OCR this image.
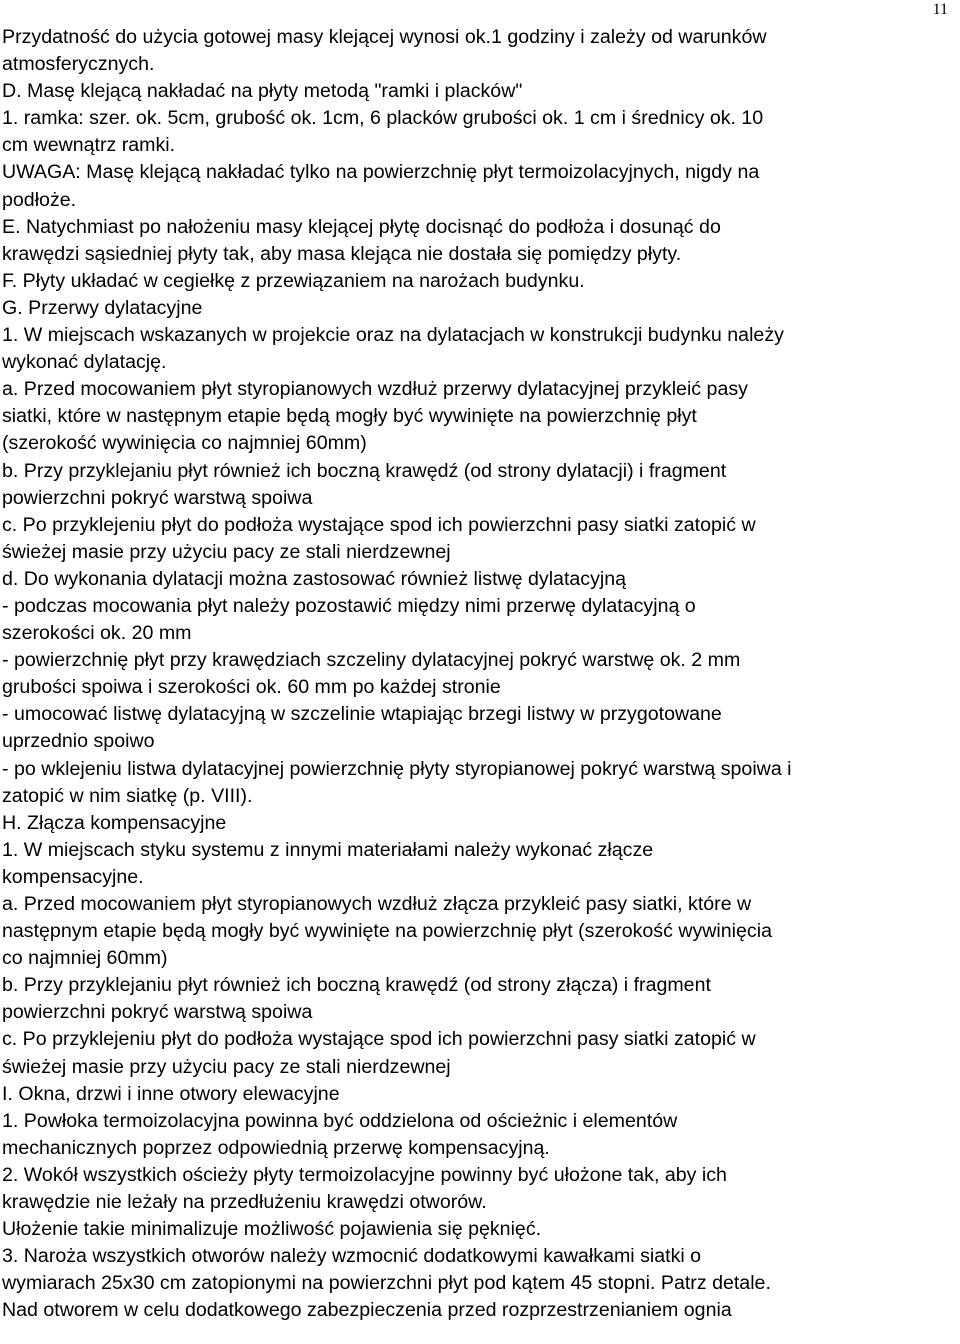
11
Przydatność do użycia gotowej masy klejącej wynosi ok.1 godziny i zależy od warunków
atmosferycznych.
D. Masę klejącą nakładać na płyty metodą "ramki i placków"
1. ramka: szer. ok. 5cm, grubość ok. 1cm, 6 placków grubości ok. 1 cm i średnicy ok. 10
cm wewnątrz ramki.
UWAGA: Masę klejącą nakładać tylko na powierzchnię płyt termoizolacyjnych, nigdy na
podłoże.
E. Natychmiast po nałożeniu masy klejącej płytę docisnąć do podłoża i dosunąć do
krawędzi sąsiedniej płyty tak, aby masa klejąca nie dostała się pomiędzy płyty.
F. Płyty układać w cegiełkę z przewiązaniem na narożach budynku.
G. Przerwy dylatacyjne
1. W miejscach wskazanych w projekcie oraz na dylatacjach w konstrukcji budynku należy
wykonać dylatację.
a. Przed mocowaniem płyt styropianowych wzdłuż przerwy dylatacyjnej przykleić pasy
siatki, które w następnym etapie będą mogły być wywinięte na powierzchnię płyt
(szerokość wywinięcia co najmniej 60mm)
b. Przy przyklejaniu płyt również ich boczną krawędź (od strony dylatacji) i fragment
powierzchni pokryć warstwą spoiwa
c. Po przyklejeniu płyt do podłoża wystające spod ich powierzchni pasy siatki zatopić w
świeżej masie przy użyciu pacy ze stali nierdzewnej
d. Do wykonania dylatacji można zastosować również listwę dylatacyjną
- podczas mocowania płyt należy pozostawić między nimi przerwę dylatacyjną o
szerokości ok. 20 mm
- powierzchnię płyt przy krawędziach szczeliny dylatacyjnej pokryć warstwę ok. 2 mm
grubości spoiwa i szerokości ok. 60 mm po każdej stronie
- umocować listwę dylatacyjną w szczelinie wtapiając brzegi listwy w przygotowane
uprzednio spoiwo
- po wklejeniu listwa dylatacyjnej powierzchnię płyty styropianowej pokryć warstwą spoiwa i
zatopić w nim siatkę (p. VIII).
H. Złącza kompensacyjne
1. W miejscach styku systemu z innymi materiałami należy wykonać złącze
kompensacyjne.
a. Przed mocowaniem płyt styropianowych wzdłuż złącza przykleić pasy siatki, które w
następnym etapie będą mogły być wywinięte na powierzchnię płyt (szerokość wywinięcia
co najmniej 60mm)
b. Przy przyklejaniu płyt również ich boczną krawędź (od strony złącza) i fragment
powierzchni pokryć warstwą spoiwa
c. Po przyklejeniu płyt do podłoża wystające spod ich powierzchni pasy siatki zatopić w
świeżej masie przy użyciu pacy ze stali nierdzewnej
I. Okna, drzwi i inne otwory elewacyjne
1. Powłoka termoizolacyjna powinna być oddzielona od ościeżnic i elementów
mechanicznych poprzez odpowiednią przerwę kompensacyjną.
2. Wokół wszystkich ościeży płyty termoizolacyjne powinny być ułożone tak, aby ich
krawędzie nie leżały na przedłużeniu krawędzi otworów.
Ułożenie takie minimalizuje możliwość pojawienia się pęknięć.
3. Naroża wszystkich otworów należy wzmocnić dodatkowymi kawałkami siatki o
wymiarach 25x30 cm zatopionymi na powierzchni płyt pod kątem 45 stopni. Patrz detale.
Nad otworem w celu dodatkowego zabezpieczenia przed rozprzestrzenianiem ognia
